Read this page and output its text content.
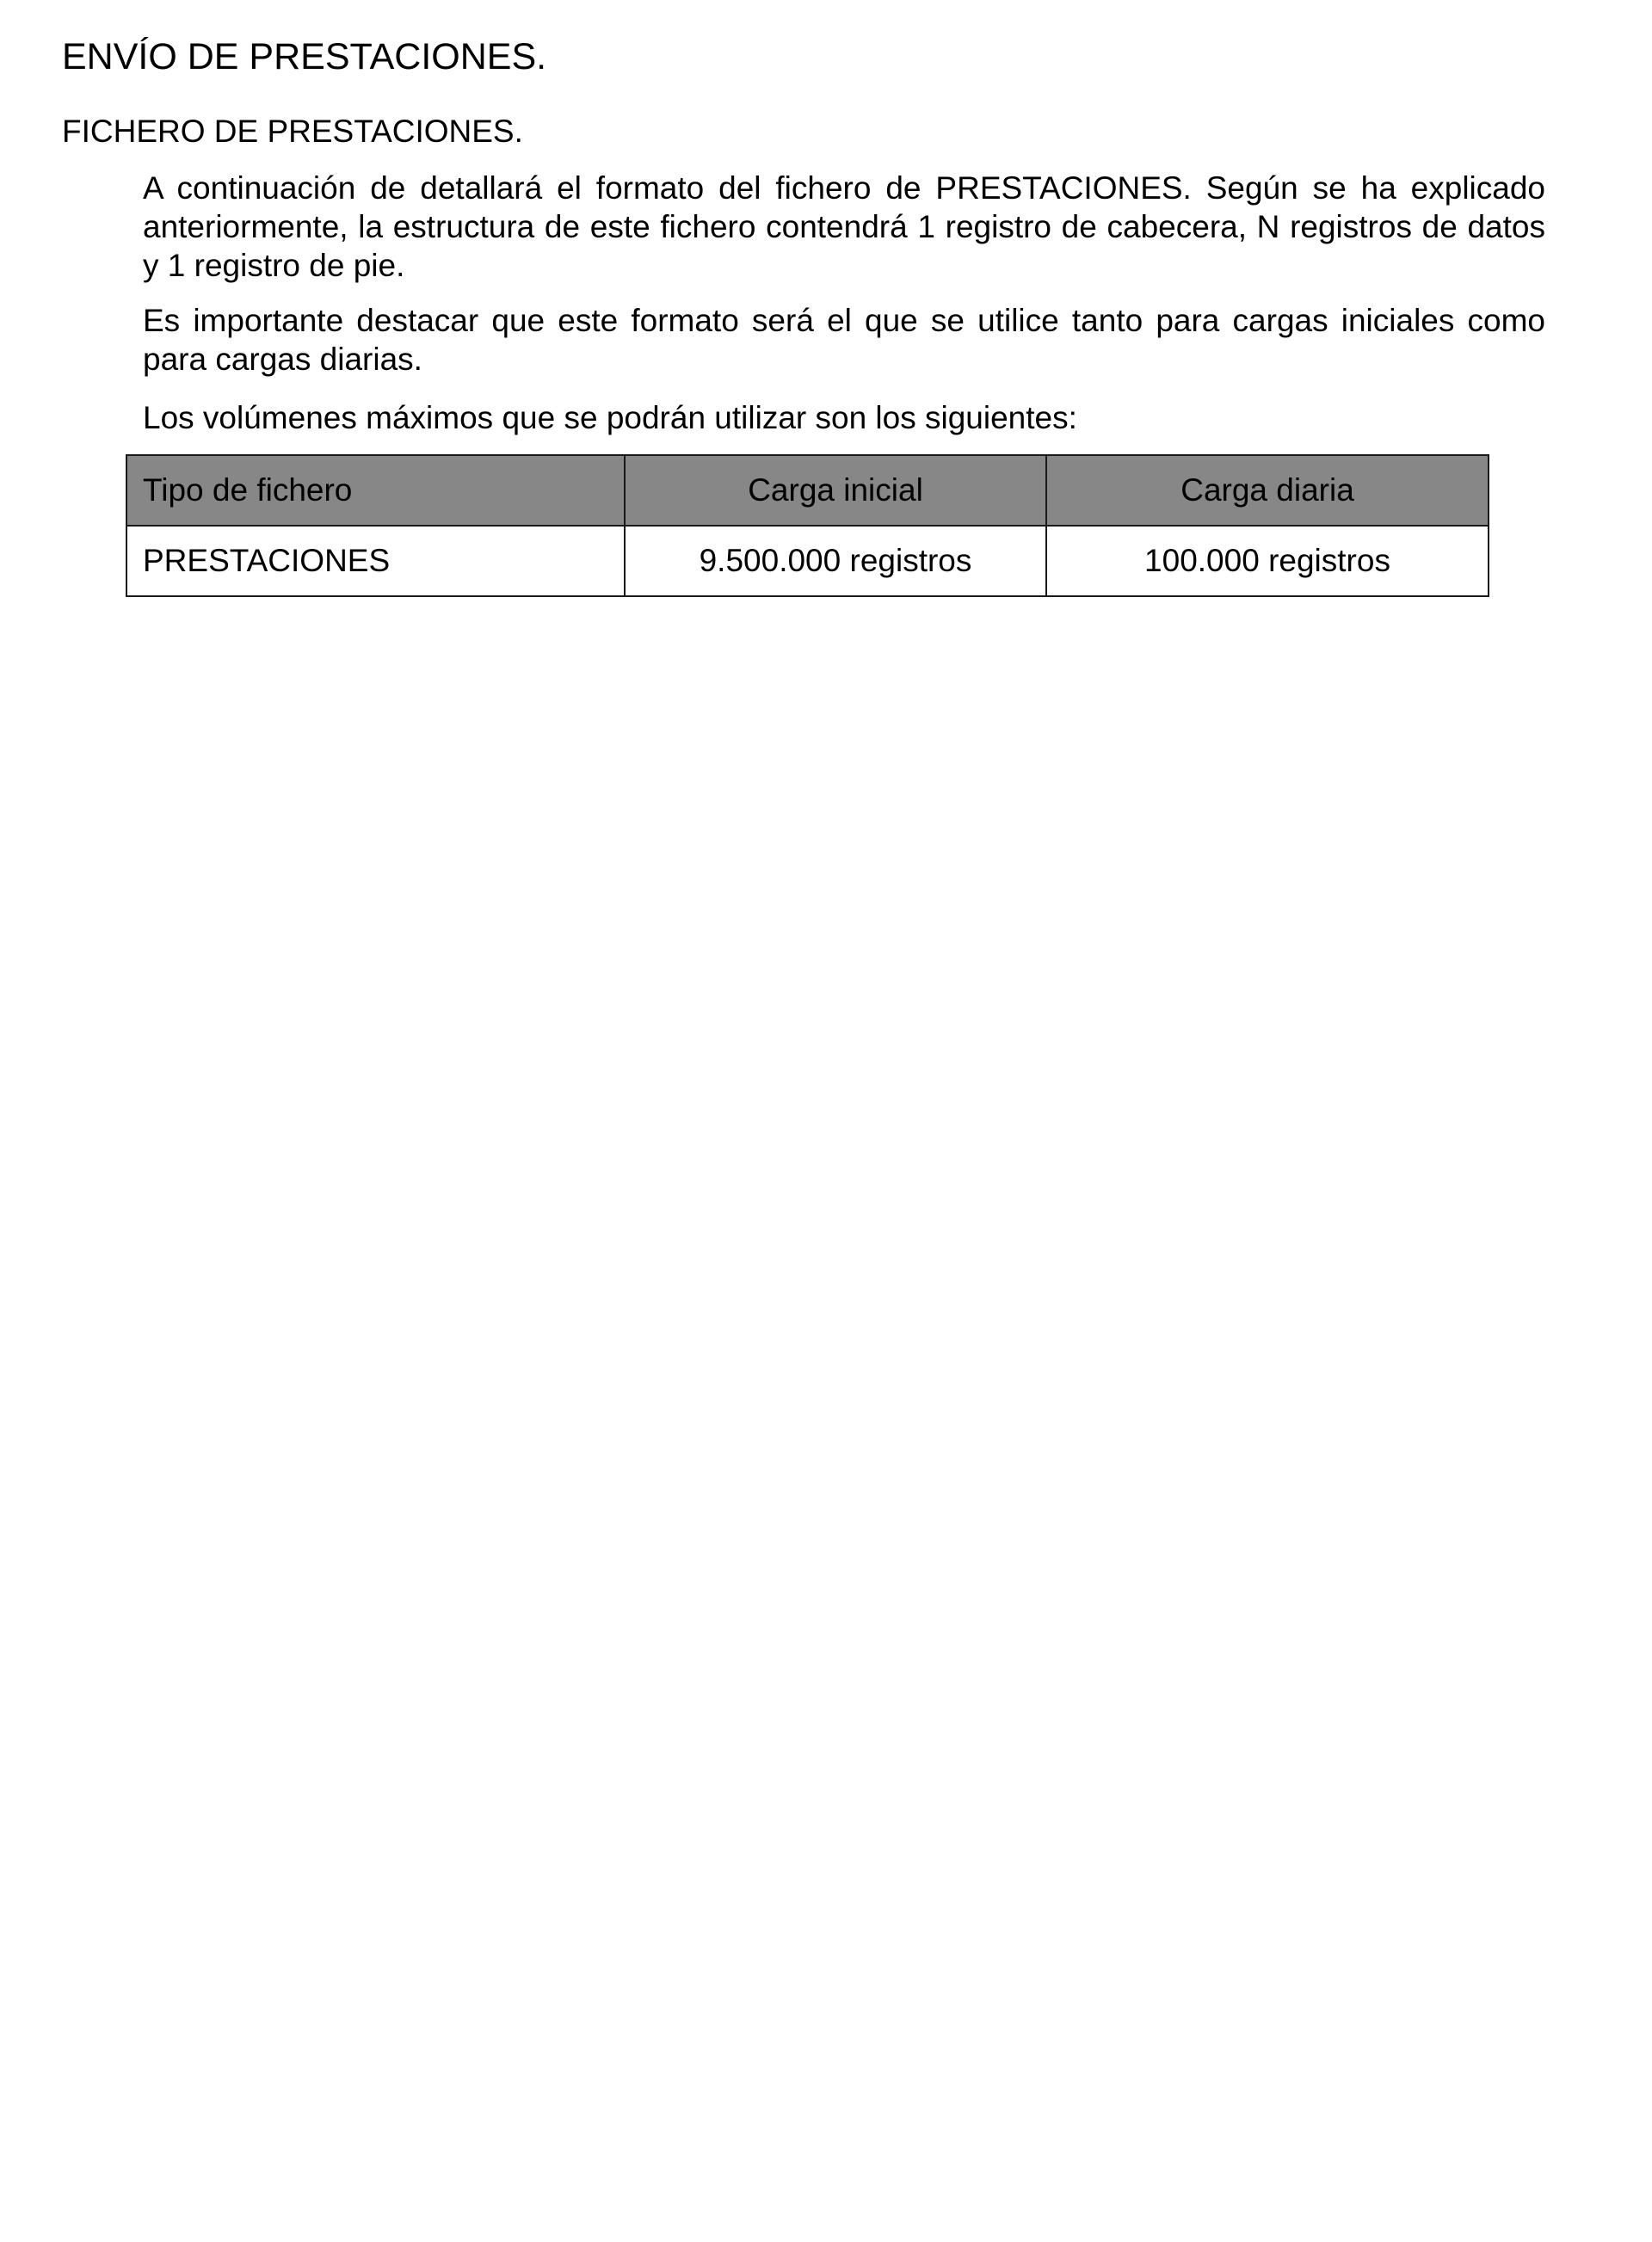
ENVÍO DE PRESTACIONES.
FICHERO DE PRESTACIONES.

A continuación de detallará el formato del fichero de PRESTACIONES. Según se ha explicado anteriormente, la estructura de este fichero contendrá 1 registro de cabecera, N registros de datos y 1 registro de pie.

Es importante destacar que este formato será el que se utilice tanto para cargas iniciales como para cargas diarias.

Los volúmenes máximos que se podrán utilizar son los siguientes:

Tipo de fichero	Carga inicial	Carga diaria
PRESTACIONES	9.500.000 registros	100.000 registros
